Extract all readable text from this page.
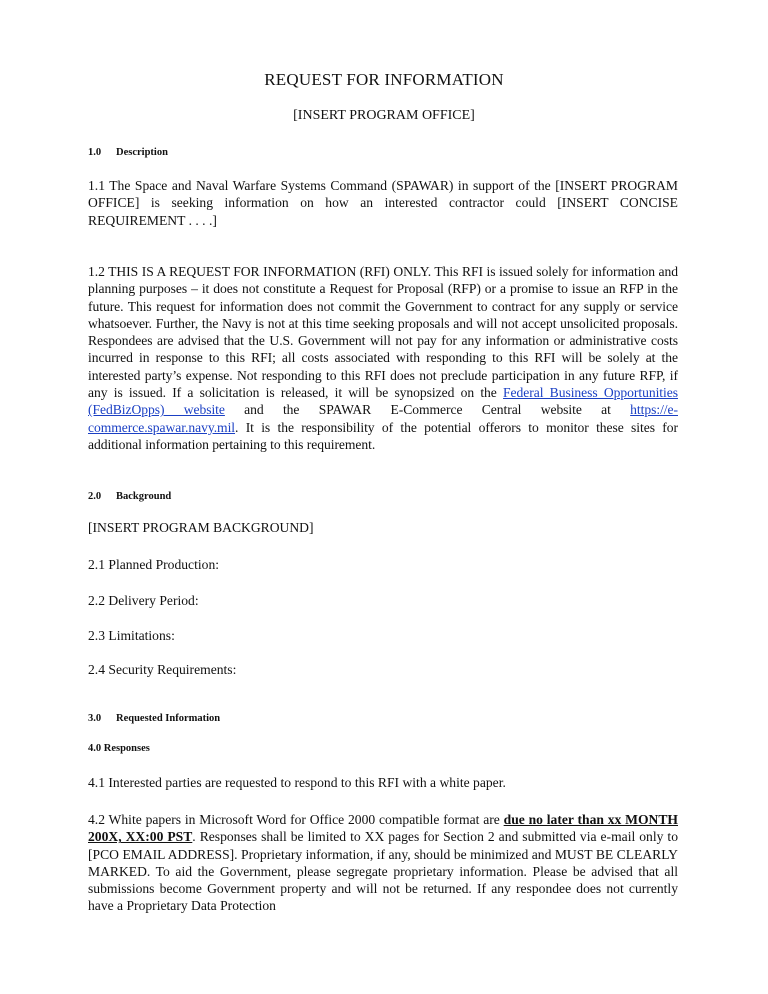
REQUEST FOR INFORMATION
[INSERT PROGRAM OFFICE]
1.0 Description

1.1 The Space and Naval Warfare Systems Command (SPAWAR) in support of the [INSERT PROGRAM OFFICE] is seeking information on how an interested contractor could [INSERT CONCISE REQUIREMENT . . . .]

1.2 THIS IS A REQUEST FOR INFORMATION (RFI) ONLY. This RFI is issued solely for information and planning purposes – it does not constitute a Request for Proposal (RFP) or a promise to issue an RFP in the future. This request for information does not commit the Government to contract for any supply or service whatsoever. Further, the Navy is not at this time seeking proposals and will not accept unsolicited proposals. Respondees are advised that the U.S. Government will not pay for any information or administrative costs incurred in response to this RFI; all costs associated with responding to this RFI will be solely at the interested party’s expense. Not responding to this RFI does not preclude participation in any future RFP, if any is issued. If a solicitation is released, it will be synopsized on the Federal Business Opportunities (FedBizOpps) website and the SPAWAR E-Commerce Central website at https://e-commerce.spawar.navy.mil. It is the responsibility of the potential offerors to monitor these sites for additional information pertaining to this requirement.

2.0 Background
[INSERT PROGRAM BACKGROUND]
2.1 Planned Production:
2.2 Delivery Period:
2.3 Limitations:
2.4 Security Requirements:
3.0 Requested Information
4.0 Responses
4.1 Interested parties are requested to respond to this RFI with a white paper.

4.2 White papers in Microsoft Word for Office 2000 compatible format are due no later than xx MONTH 200X, XX:00 PST. Responses shall be limited to XX pages for Section 2 and submitted via e-mail only to [PCO EMAIL ADDRESS]. Proprietary information, if any, should be minimized and MUST BE CLEARLY MARKED. To aid the Government, please segregate proprietary information. Please be advised that all submissions become Government property and will not be returned. If any respondee does not currently have a Proprietary Data Protection
